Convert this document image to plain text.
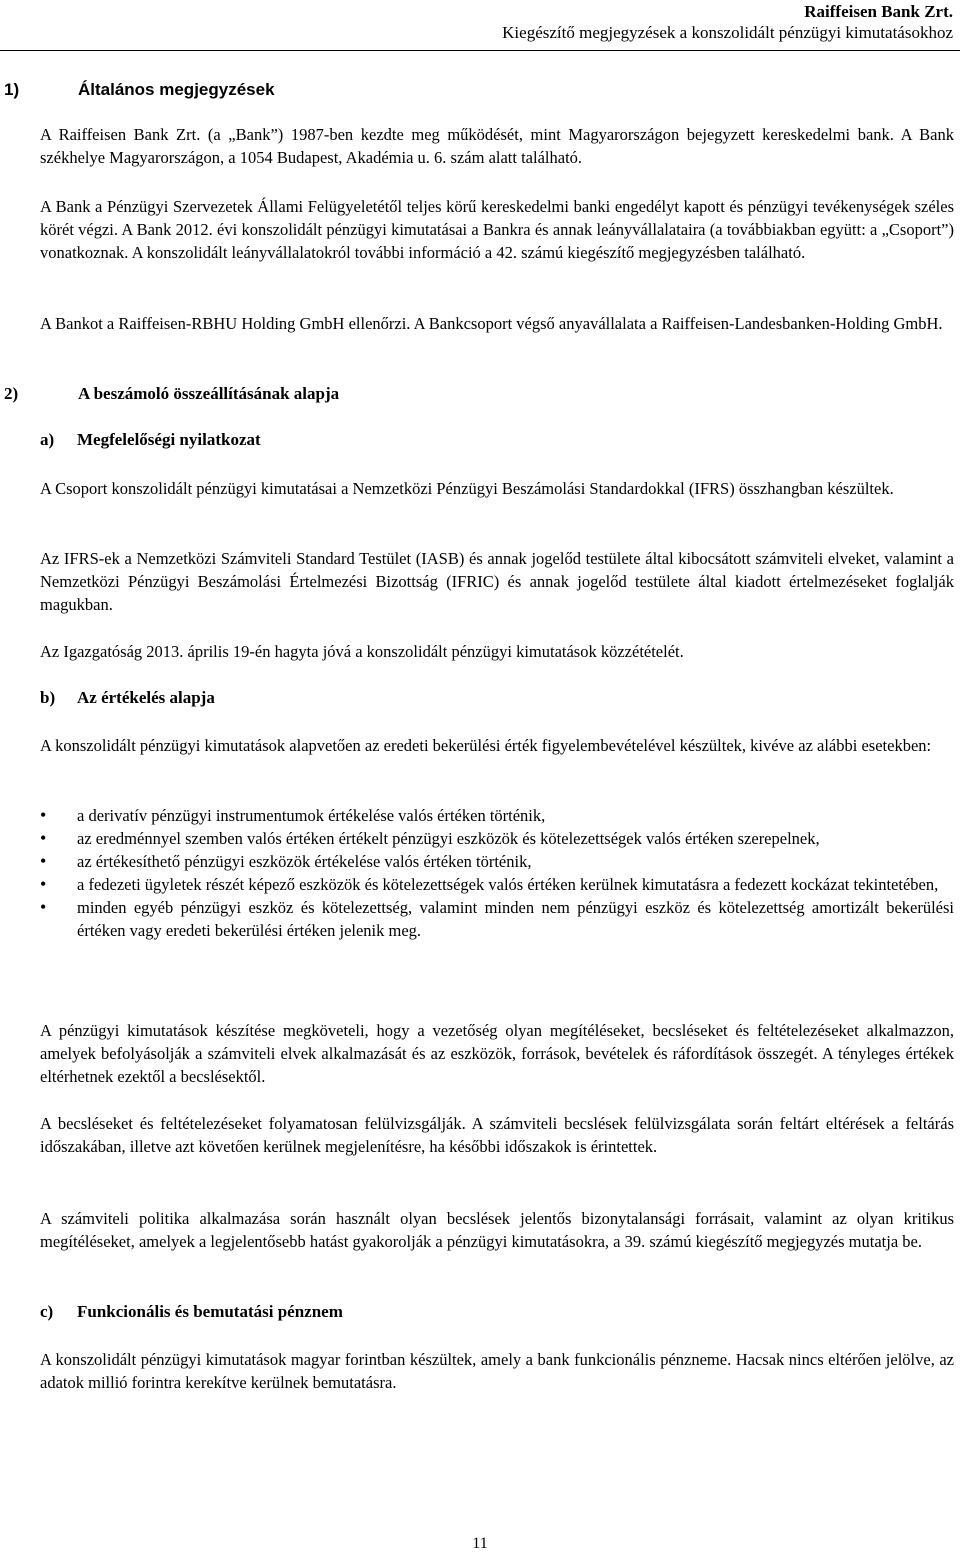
Raiffeisen Bank Zrt.
Kiegészítő megjegyzések a konszolidált pénzügyi kimutatásokhoz
1)	Általános megjegyzések
A Raiffeisen Bank Zrt. (a „Bank”) 1987-ben kezdte meg működését, mint Magyarországon bejegyzett kereskedelmi bank. A Bank székhelye Magyarországon, a 1054 Budapest, Akadémia u. 6. szám alatt található.
A Bank a Pénzügyi Szervezetek Állami Felügyeletétől teljes körű kereskedelmi banki engedélyt kapott és pénzügyi tevékenységek széles körét végzi. A Bank 2012. évi konszolidált pénzügyi kimutatásai a Bankra és annak leányvállalataira (a továbbiakban együtt: a „Csoport”) vonatkoznak. A konszolidált leányvállalatokról további információ a 42. számú kiegészítő megjegyzésben található.
A Bankot a Raiffeisen-RBHU Holding GmbH ellenőrzi. A Bankcsoport végső anyavállalata a Raiffeisen-Landesbanken-Holding GmbH.
2)	A beszámoló összeállításának alapja
a) Megfelelőségi nyilatkozat
A Csoport konszolidált pénzügyi kimutatásai a Nemzetközi Pénzügyi Beszámolási Standardokkal (IFRS) összhangban készültek.
Az IFRS-ek a Nemzetközi Számviteli Standard Testület (IASB) és annak jogelőd testülete által kibocsátott számviteli elveket, valamint a Nemzetközi Pénzügyi Beszámolási Értelmezési Bizottság (IFRIC) és annak jogelőd testülete által kiadott értelmezéseket foglalják magukban.
Az Igazgatóság 2013. április 19-én hagyta jóvá a konszolidált pénzügyi kimutatások közzétételét.
b) Az értékelés alapja
A konszolidált pénzügyi kimutatások alapvetően az eredeti bekerülési érték figyelembevételével készültek, kivéve az alábbi esetekben:
• a derivatív pénzügyi instrumentumok értékelése valós értéken történik,
• az eredménnyel szemben valós értéken értékelt pénzügyi eszközök és kötelezettségek valós értéken szerepelnek,
• az értékesíthető pénzügyi eszközök értékelése valós értéken történik,
• a fedezeti ügyletek részét képező eszközök és kötelezettségek valós értéken kerülnek kimutatásra a fedezett kockázat tekintetében,
• minden egyéb pénzügyi eszköz és kötelezettség, valamint minden nem pénzügyi eszköz és kötelezettség amortizált bekerülési értéken vagy eredeti bekerülési értéken jelenik meg.
A pénzügyi kimutatások készítése megköveteli, hogy a vezetőség olyan megítéléseket, becsléseket és feltételezéseket alkalmazzon, amelyek befolyásolják a számviteli elvek alkalmazását és az eszközök, források, bevételek és ráfordítások összegét. A tényleges értékek eltérhetnek ezektől a becslésektől.
A becsléseket és feltételezéseket folyamatosan felülvizsgálják. A számviteli becslések felülvizsgálata során feltárt eltérések a feltárás időszakában, illetve azt követően kerülnek megjelenítésre, ha későbbi időszakok is érintettek.
A számviteli politika alkalmazása során használt olyan becslések jelentős bizonytalansági forrásait, valamint az olyan kritikus megítéléseket, amelyek a legjelentősebb hatást gyakorolják a pénzügyi kimutatásokra, a 39. számú kiegészítő megjegyzés mutatja be.
c) Funkcionális és bemutatási pénznem
A konszolidált pénzügyi kimutatások magyar forintban készültek, amely a bank funkcionális pénzneme. Hacsak nincs eltérően jelölve, az adatok millió forintra kerekítve kerülnek bemutatásra.
11
